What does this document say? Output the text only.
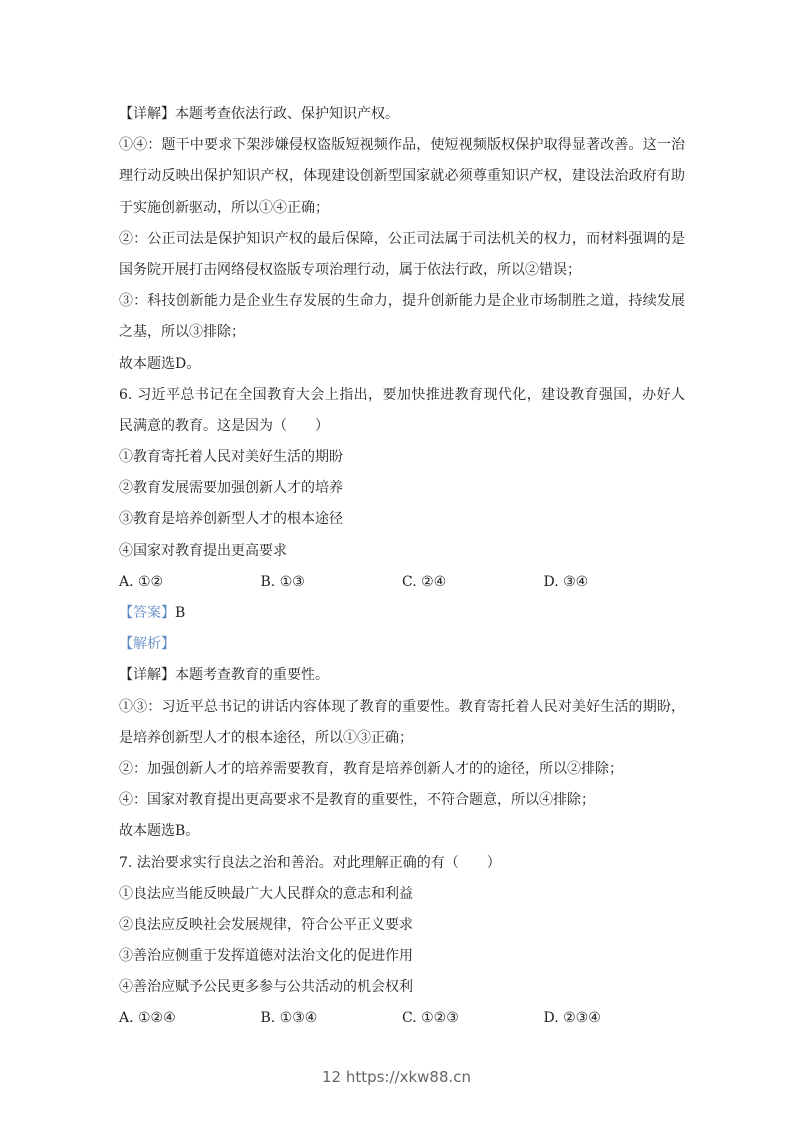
【详解】本题考查依法行政、保护知识产权。
①④：题干中要求下架涉嫌侵权盗版短视频作品，使短视频版权保护取得显著改善。这一治
理行动反映出保护知识产权，体现建设创新型国家就必须尊重知识产权，建设法治政府有助
于实施创新驱动，所以①④正确；
②：公正司法是保护知识产权的最后保障，公正司法属于司法机关的权力，而材料强调的是
国务院开展打击网络侵权盗版专项治理行动，属于依法行政，所以②错误；
③：科技创新能力是企业生存发展的生命力，提升创新能力是企业市场制胜之道，持续发展
之基，所以③排除；
故本题选D。
6. 习近平总书记在全国教育大会上指出，要加快推进教育现代化，建设教育强国，办好人
民满意的教育。这是因为（　　）
①教育寄托着人民对美好生活的期盼
②教育发展需要加强创新人才的培养
③教育是培养创新型人才的根本途径
④国家对教育提出更高要求
A. ①②	B. ①③	C. ②④	D. ③④
【答案】B
【解析】
【详解】本题考查教育的重要性。
①③：习近平总书记的讲话内容体现了教育的重要性。教育寄托着人民对美好生活的期盼，
是培养创新型人才的根本途径，所以①③正确；
②：加强创新人才的培养需要教育，教育是培养创新人才的的途径，所以②排除；
④：国家对教育提出更高要求不是教育的重要性，不符合题意，所以④排除；
故本题选B。
7. 法治要求实行良法之治和善治。对此理解正确的有（　　）
①良法应当能反映最广大人民群众的意志和利益
②良法应反映社会发展规律，符合公平正义要求
③善治应侧重于发挥道德对法治文化的促进作用
④善治应赋予公民更多参与公共活动的机会权利
A. ①②④	B. ①③④	C. ①②③	D. ②③④
12 https://xkw88.cn
